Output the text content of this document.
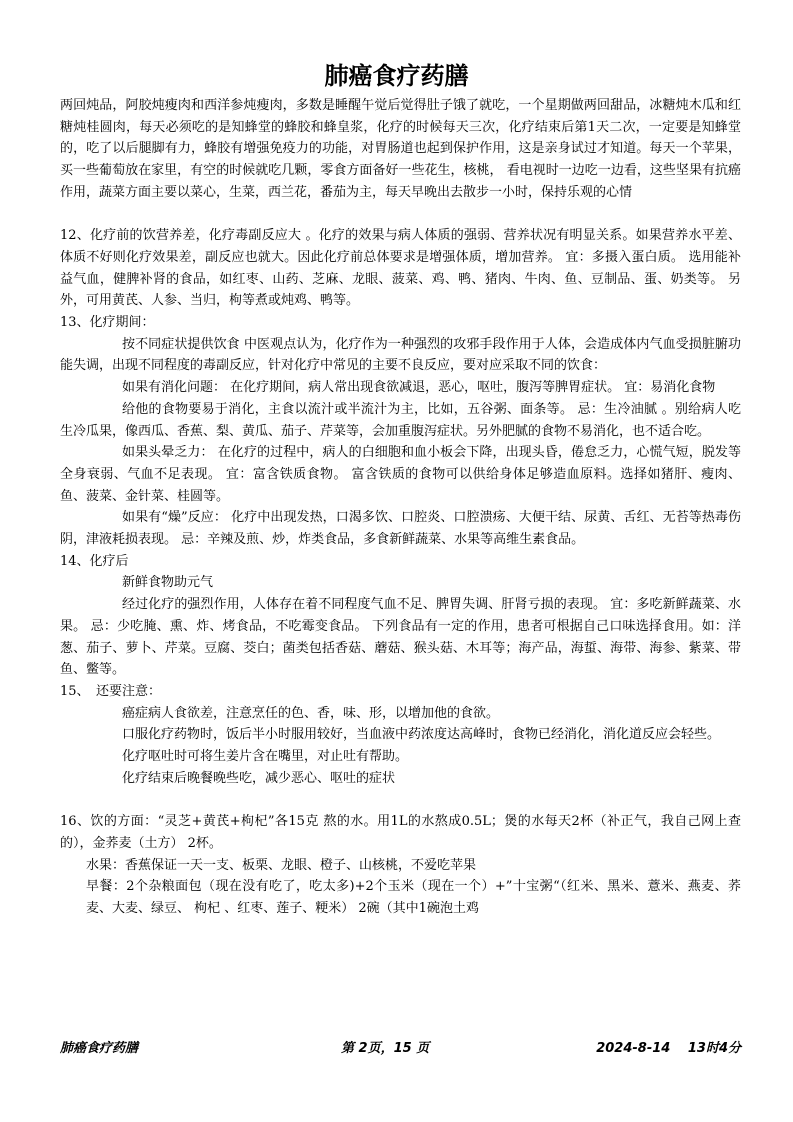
肺癌食疗药膳

两回炖品，阿胶炖瘦肉和西洋参炖瘦肉，多数是睡醒午觉后觉得肚子饿了就吃，一个星期做两回甜品，冰糖炖木瓜和红糖炖桂圆肉，每天必须吃的是知蜂堂的蜂胶和蜂皇浆，化疗的时候每天三次，化疗结束后第1天二次，一定要是知蜂堂的，吃了以后腿脚有力，蜂胶有增强免疫力的功能，对胃肠道也起到保护作用，这是亲身试过才知道。每天一个苹果，买一些葡萄放在家里，有空的时候就吃几颗，零食方面备好一些花生，核桃， 看电视时一边吃一边看，这些坚果有抗癌作用，蔬菜方面主要以菜心，生菜，西兰花，番茄为主，每天早晚出去散步一小时，保持乐观的心情

12、化疗前的饮营养差，化疗毒副反应大 。化疗的效果与病人体质的强弱、营养状况有明显关系。如果营养水平差、体质不好则化疗效果差，副反应也就大。因此化疗前总体要求是增强体质，增加营养。 宜：多摄入蛋白质。 选用能补益气血，健脾补肾的食品，如红枣、山药、芝麻、龙眼、菠菜、鸡、鸭、猪肉、牛肉、鱼、豆制品、蛋、奶类等。 另外，可用黄芪、人参、当归，枸等煮或炖鸡、鸭等。

13、化疗期间：

按不同症状提供饮食 中医观点认为，化疗作为一种强烈的攻邪手段作用于人体，会造成体内气血受损脏腑功能失调，出现不同程度的毒副反应，针对化疗中常见的主要不良反应，要对应采取不同的饮食：

如果有消化问题： 在化疗期间，病人常出现食欲减退，恶心，呕吐，腹泻等脾胃症状。 宜：易消化食物

给他的食物要易于消化，主食以流汁或半流汁为主，比如，五谷粥、面条等。 忌：生冷油腻 。别给病人吃生冷瓜果，像西瓜、香蕉、梨、黄瓜、茄子、芹菜等，会加重腹泻症状。另外肥腻的食物不易消化，也不适合吃。

如果头晕乏力： 在化疗的过程中，病人的白细胞和血小板会下降，出现头昏，倦怠乏力，心慌气短，脱发等全身衰弱、气血不足表现。 宜：富含铁质食物。 富含铁质的食物可以供给身体足够造血原料。选择如猪肝、瘦肉、鱼、菠菜、金针菜、桂圆等。

如果有“燥”反应： 化疗中出现发热，口渴多饮、口腔炎、口腔溃疡、大便干结、尿黄、舌红、无苔等热毒伤阴，津液耗损表现。 忌：辛辣及煎、炒，炸类食品，多食新鲜蔬菜、水果等高维生素食品。

14、化疗后

新鲜食物助元气

经过化疗的强烈作用，人体存在着不同程度气血不足、脾胃失调、肝肾亏损的表现。 宜：多吃新鲜蔬菜、水果。 忌：少吃腌、熏、炸、烤食品，不吃霉变食品。 下列食品有一定的作用，患者可根据自己口味选择食用。如：洋葱、茄子、萝卜、芹菜。豆腐、茭白；菌类包括香菇、蘑菇、猴头菇、木耳等；海产品，海蜇、海带、海参、紫菜、带鱼、鳖等。

15、　还要注意：

癌症病人食欲差，注意烹任的色、香，味、形，以增加他的食欲。

口服化疗药物时，饭后半小时服用较好，当血液中药浓度达高峰时，食物已经消化，消化道反应会轻些。

化疗呕吐时可将生姜片含在嘴里，对止吐有帮助。

化疗结束后晚餐晚些吃，减少恶心、呕吐的症状

16、饮的方面：“灵芝+黄芪+枸杞”各15克 熬的水。用1L的水熬成0.5L；煲的水每天2杯（补正气，我自己网上查的），金荞麦（土方） 2杯。

水果：香蕉保证一天一支、板栗、龙眼、橙子、山核桃，不爱吃苹果

早餐：2个杂粮面包（现在没有吃了，吃太多)+2个玉米（现在一个）+”十宝粥“（红米、黑米、薏米、燕麦、荞麦、大麦、绿豆、 枸杞 、红枣、莲子、粳米） 2碗（其中1碗泡土鸡

肺癌食疗药膳	第 2页，15 页	2024-8-14　 13时4分
